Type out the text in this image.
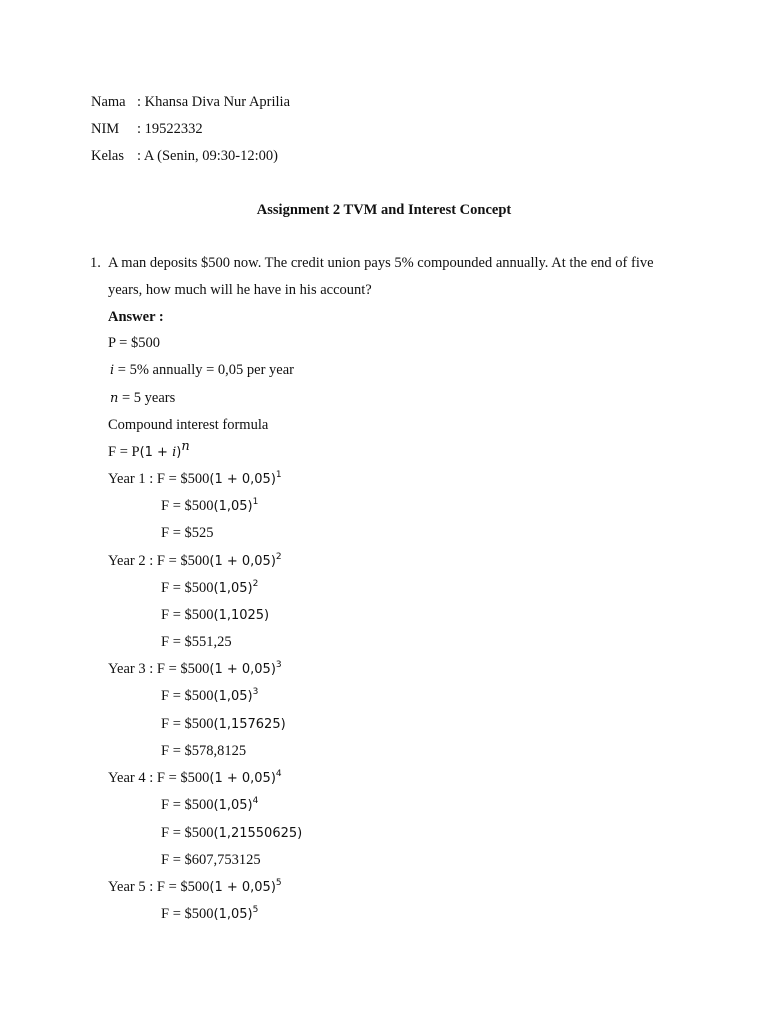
Nama : Khansa Diva Nur Aprilia
NIM : 19522332
Kelas : A (Senin, 09:30-12:00)
Assignment 2 TVM and Interest Concept
1. A man deposits $500 now. The credit union pays 5% compounded annually. At the end of five
years, how much will he have in his account?
Answer :
P = $500
i = 5% annually = 0,05 per year
n = 5 years
Compound interest formula
$F = P(1 + i)^n$
Year 1 : F = $500(1 + 0,05)$^1$
$F = \$500(1,05)^1$
F = $525
Year 2 : F = $500(1 + 0,05)$^2$
$F = \$500(1,05)^2$
F = $500(1,1025)
F = $551,25
Year 3 : F = $500(1 + 0,05)$^3$
$F = \$500(1,05)^3$
F = $500(1,157625)
F = $578,8125
Year 4 : F = $500(1 + 0,05)$^4$
$F = \$500(1,05)^4$
F = $500(1,21550625)
F = $607,753125
Year 5 : F = $500(1 + 0,05)$^5$
$F = \$500(1,05)^5$
